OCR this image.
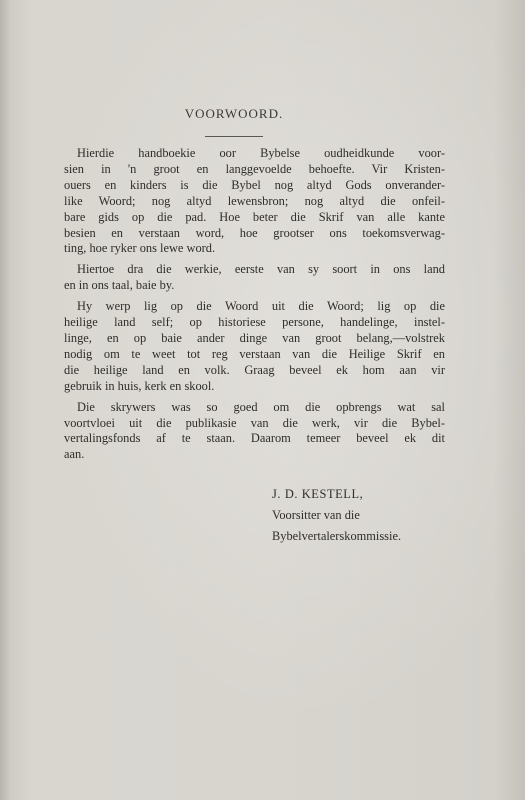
VOORWOORD.
Hierdie handboekie oor Bybelse oudheidkunde voor-
sien in 'n groot en langgevoelde behoefte. Vir Kristen-
ouers en kinders is die Bybel nog altyd Gods onverander-
like Woord; nog altyd lewensbron; nog altyd die onfeil-
bare gids op die pad. Hoe beter die Skrif van alle kante
besien en verstaan word, hoe grootser ons toekomsverwag-
ting, hoe ryker ons lewe word.
Hiertoe dra die werkie, eerste van sy soort in ons land
en in ons taal, baie by.
Hy werp lig op die Woord uit die Woord; lig op die
heilige land self; op historiese persone, handelinge, instel-
linge, en op baie ander dinge van groot belang,—volstrek
nodig om te weet tot reg verstaan van die Heilige Skrif en
die heilige land en volk. Graag beveel ek hom aan vir
gebruik in huis, kerk en skool.
Die skrywers was so goed om die opbrengs wat sal
voortvloei uit die publikasie van die werk, vir die Bybel-
vertalingsfonds af te staan. Daarom temeer beveel ek dit
aan.
J. D. KESTELL,
Voorsitter van die
Bybelvertalerskommissie.
